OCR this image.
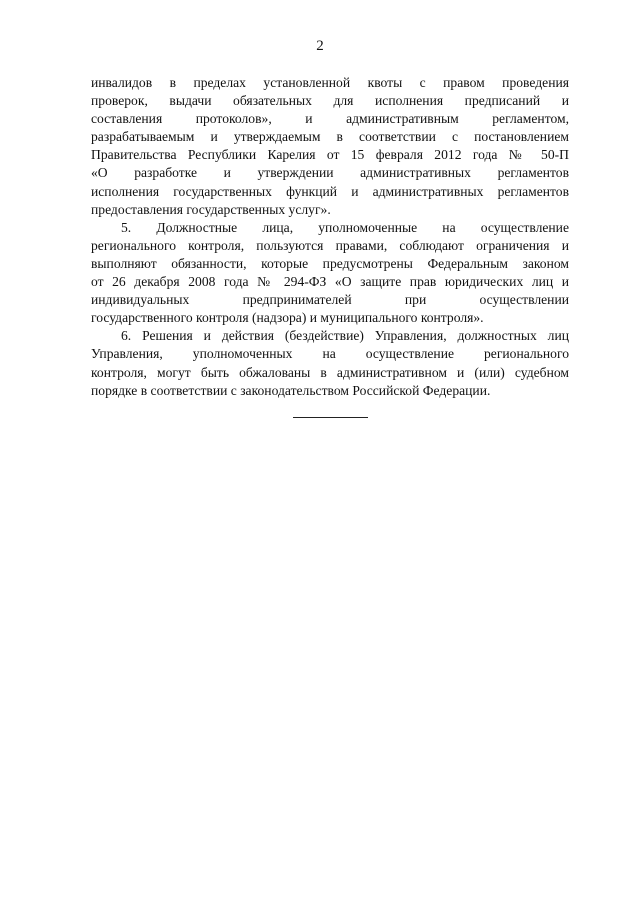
2

инвалидов в пределах установленной квоты с правом проведения
проверок, выдачи обязательных для исполнения предписаний и
составления протоколов», и административным регламентом,
разрабатываемым и утверждаемым в соответствии с постановлением
Правительства Республики Карелия от 15 февраля 2012 года № 50-П
«О разработке и утверждении административных регламентов
исполнения государственных функций и административных регламентов
предоставления государственных услуг».

5. Должностные лица, уполномоченные на осуществление
регионального контроля, пользуются правами, соблюдают ограничения и
выполняют обязанности, которые предусмотрены Федеральным законом
от 26 декабря 2008 года № 294-ФЗ «О защите прав юридических лиц и
индивидуальных предпринимателей при осуществлении
государственного контроля (надзора) и муниципального контроля».

6. Решения и действия (бездействие) Управления, должностных лиц
Управления, уполномоченных на осуществление регионального
контроля, могут быть обжалованы в административном и (или) судебном
порядке в соответствии с законодательством Российской Федерации.
